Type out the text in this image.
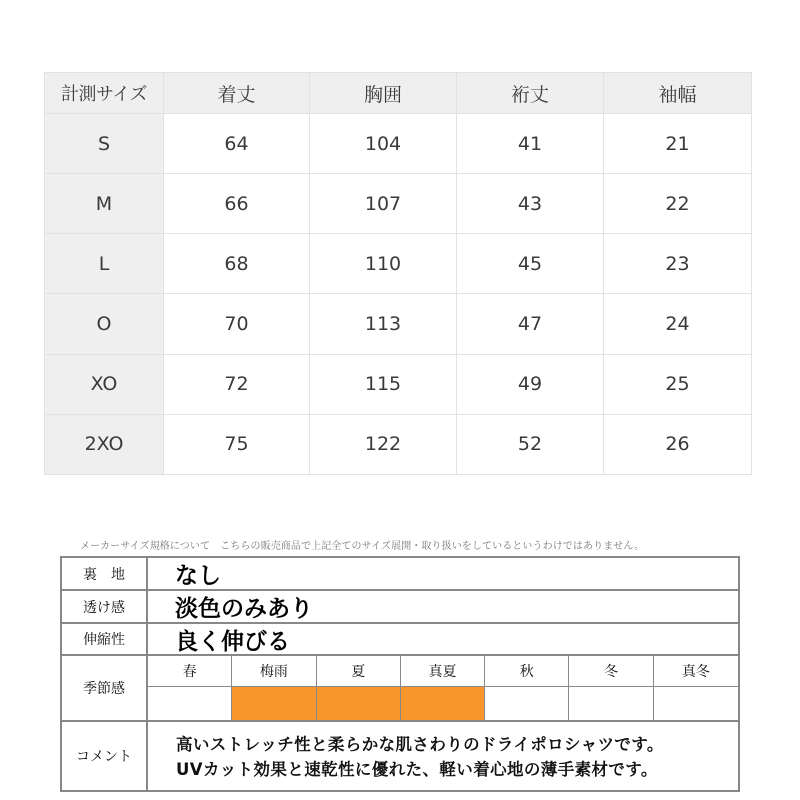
計測サイズ	着丈	胸囲	裄丈	袖幅
S	64	104	41	21
M	66	107	43	22
L	68	110	45	23
O	70	113	47	24
XO	72	115	49	25
2XO	75	122	52	26
メーカーサイズ規格について　こちらの販売商品で上記全てのサイズ展開・取り扱いをしているというわけではありません。
裏　地	なし
透け感	淡色のみあり
伸縮性	良く伸びる
季節感
春	梅雨	夏	真夏	秋	冬	真冬
コメント
高いストレッチ性と柔らかな肌さわりのドライポロシャツです。
UVカット効果と速乾性に優れた、軽い着心地の薄手素材です。
